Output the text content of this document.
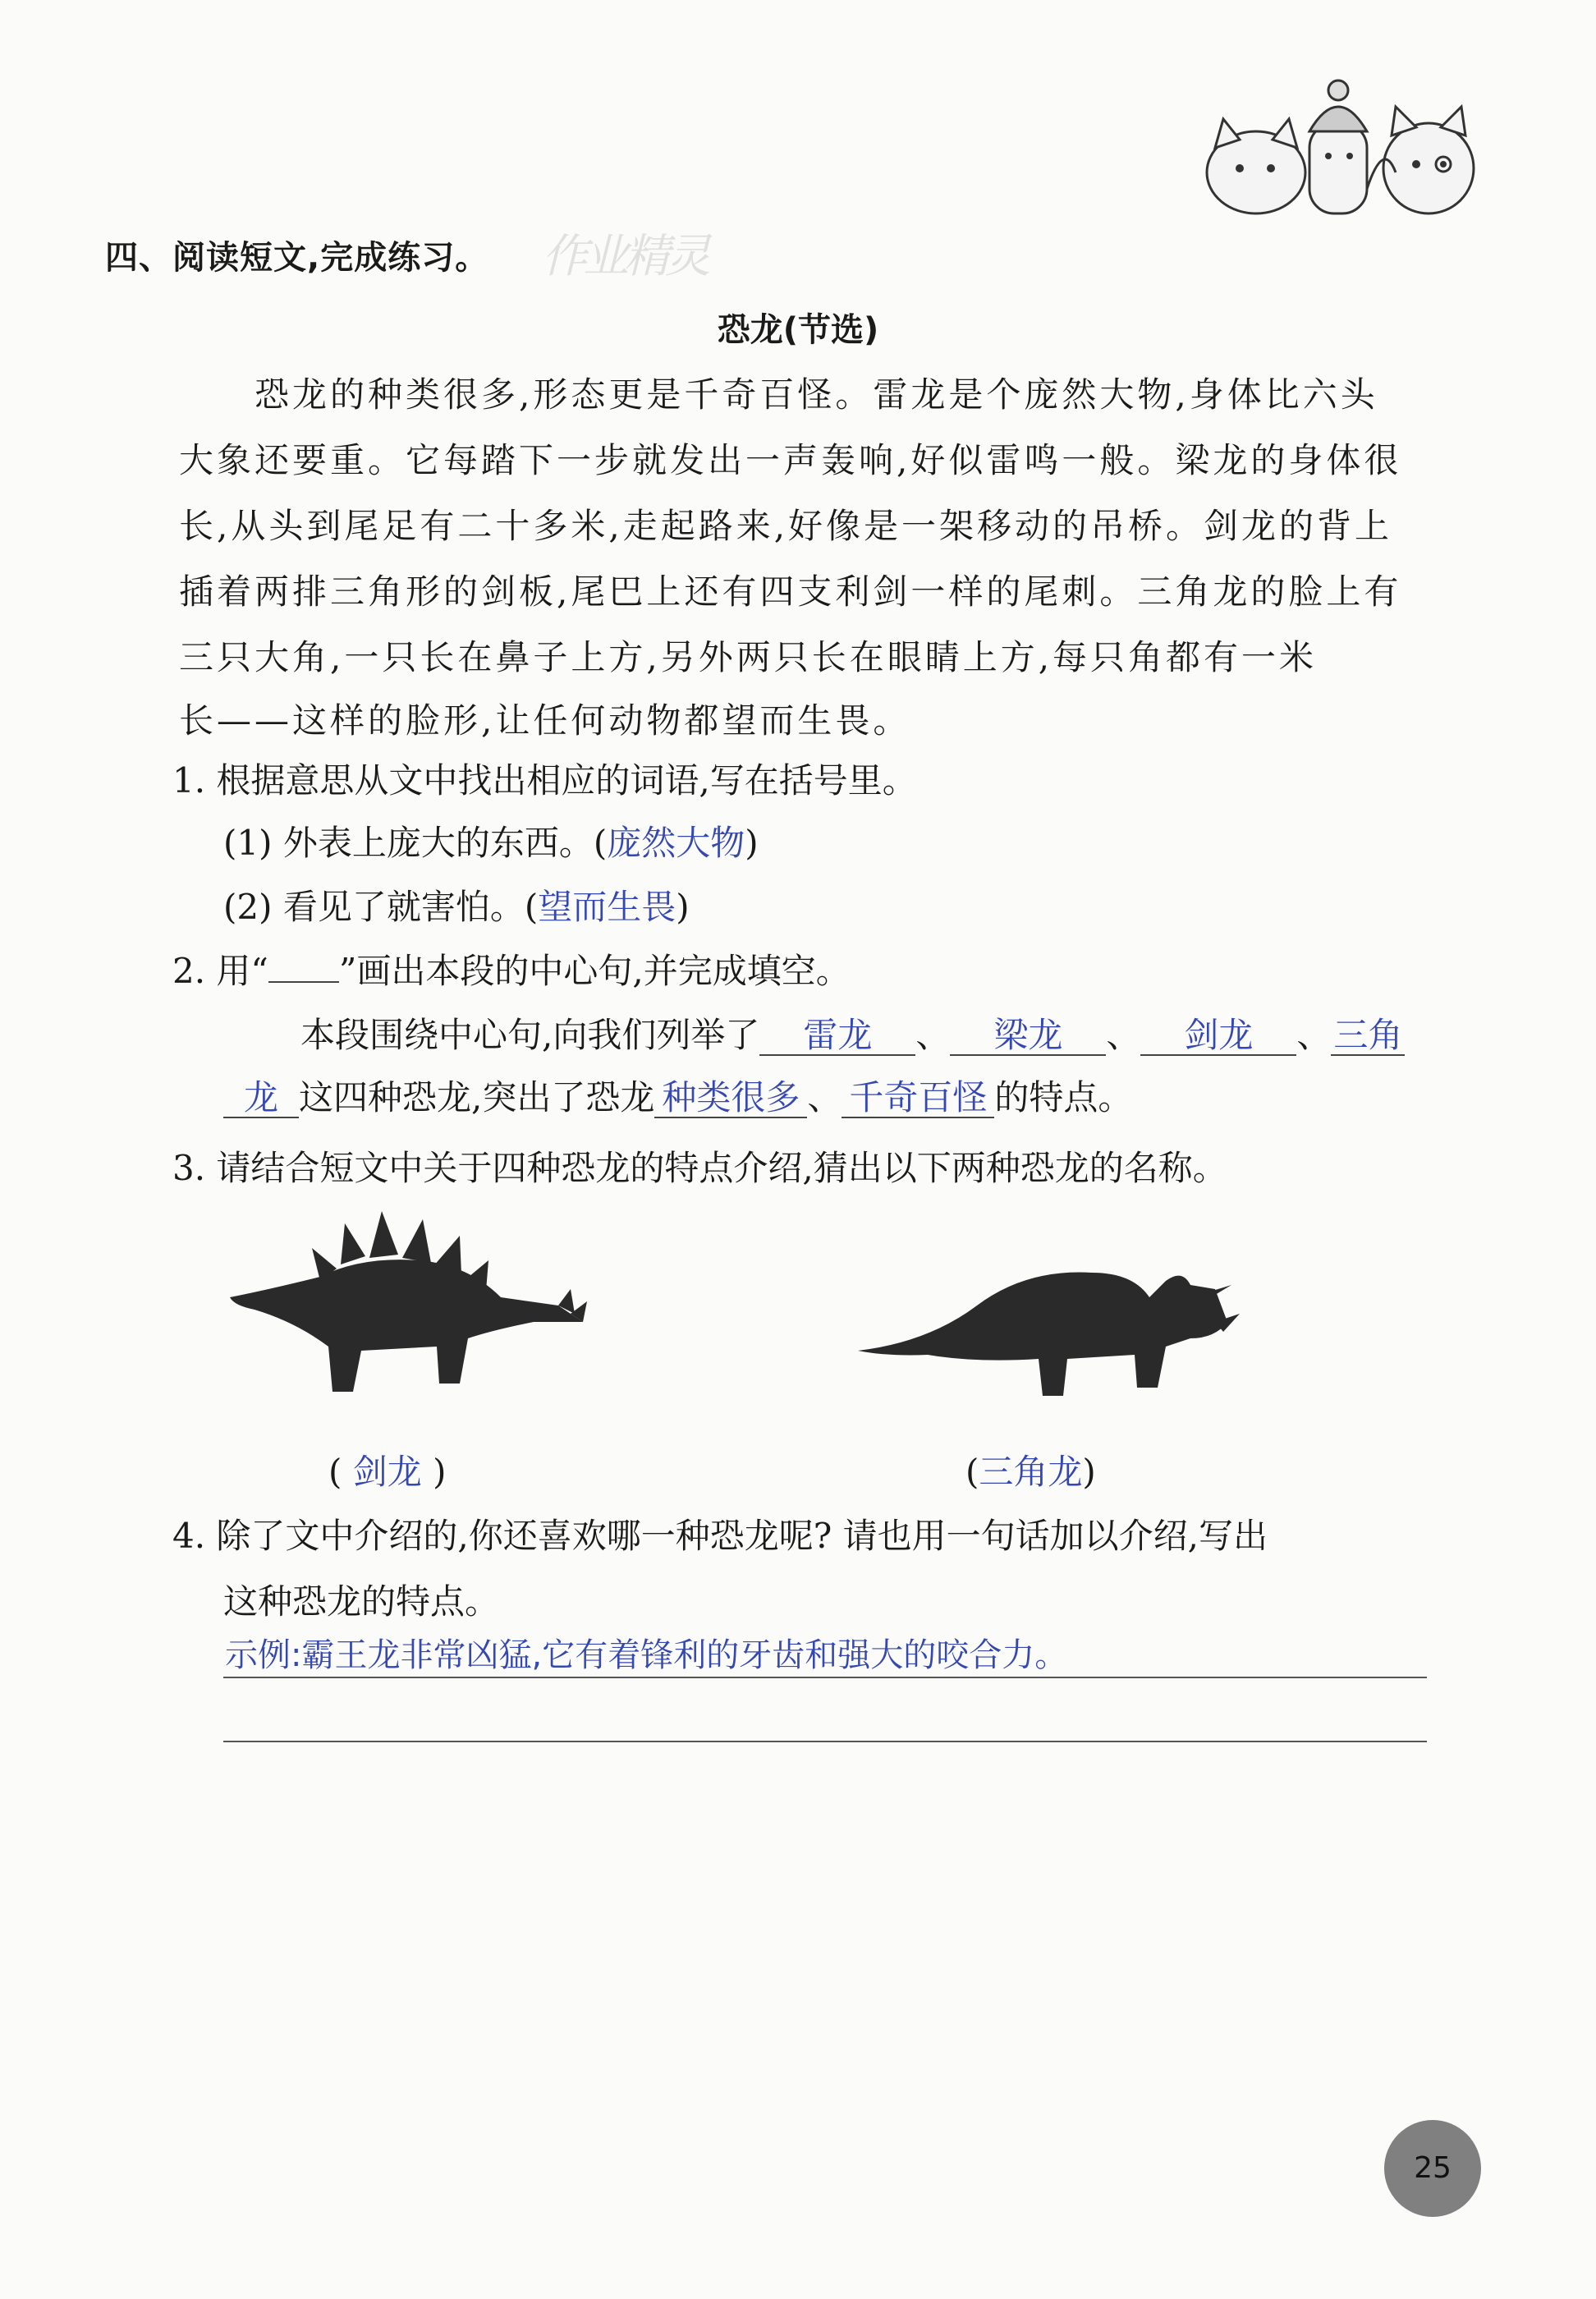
四、阅读短文,完成练习。 作业精灵
恐龙(节选)
恐龙的种类很多,形态更是千奇百怪。雷龙是个庞然大物,身体比六头
大象还要重。它每踏下一步就发出一声轰响,好似雷鸣一般。梁龙的身体很
长,从头到尾足有二十多米,走起路来,好像是一架移动的吊桥。剑龙的背上
插着两排三角形的剑板,尾巴上还有四支利剑一样的尾刺。三角龙的脸上有
三只大角,一只长在鼻子上方,另外两只长在眼睛上方,每只角都有一米
长——这样的脸形,让任何动物都望而生畏。
1. 根据意思从文中找出相应的词语,写在括号里。
(1) 外表上庞大的东西。(庞然大物)
(2) 看见了就害怕。(望而生畏)
2. 用“ ”画出本段的中心句,并完成填空。
本段围绕中心句,向我们列举了 雷龙 、 梁龙 、 剑龙 、三角
龙 这四种恐龙,突出了恐龙 种类很多 、 千奇百怪 的特点。
3. 请结合短文中关于四种恐龙的特点介绍,猜出以下两种恐龙的名称。
( 剑龙 )	(三角龙)
4. 除了文中介绍的,你还喜欢哪一种恐龙呢? 请也用一句话加以介绍,写出
这种恐龙的特点。
示例:霸王龙非常凶猛,它有着锋利的牙齿和强大的咬合力。
25
